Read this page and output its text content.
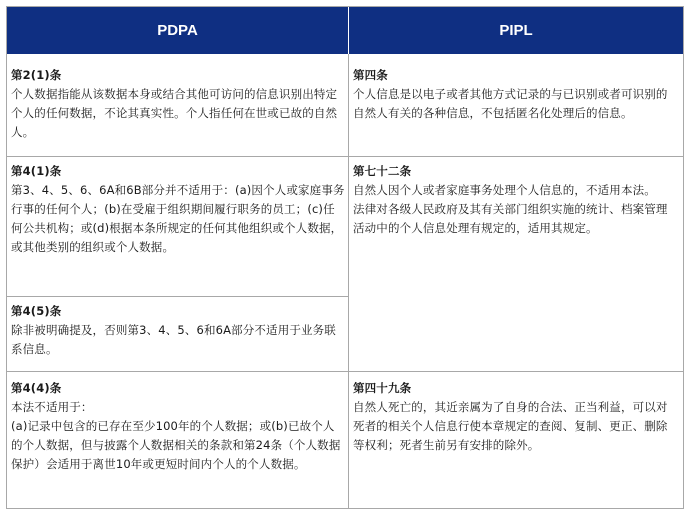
PDPA	PIPL
第2(1)条
个人数据指能从该数据本身或结合其他可访问的信息识别出特定个人的任何数据，不论其真实性。个人指任何在世或已故的自然人。
第4(1)条
第3、4、5、6、6A和6B部分并不适用于：(a)因个人或家庭事务行事的任何个人；(b)在受雇于组织期间履行职务的员工；(c)任何公共机构；或(d)根据本条所规定的任何其他组织或个人数据，或其他类别的组织或个人数据。
第4(5)条
除非被明确提及，否则第3、4、5、6和6A部分不适用于业务联系信息。
第4(4)条
本法不适用于：
(a)记录中包含的已存在至少100年的个人数据；或(b)已故个人的个人数据，但与披露个人数据相关的条款和第24条（个人数据保护）会适用于离世10年或更短时间内个人的个人数据。
第四条
个人信息是以电子或者其他方式记录的与已识别或者可识别的自然人有关的各种信息，不包括匿名化处理后的信息。
第七十二条
自然人因个人或者家庭事务处理个人信息的，不适用本法。
法律对各级人民政府及其有关部门组织实施的统计、档案管理活动中的个人信息处理有规定的，适用其规定。
第四十九条
自然人死亡的，其近亲属为了自身的合法、正当利益，可以对死者的相关个人信息行使本章规定的查阅、复制、更正、删除等权利；死者生前另有安排的除外。
